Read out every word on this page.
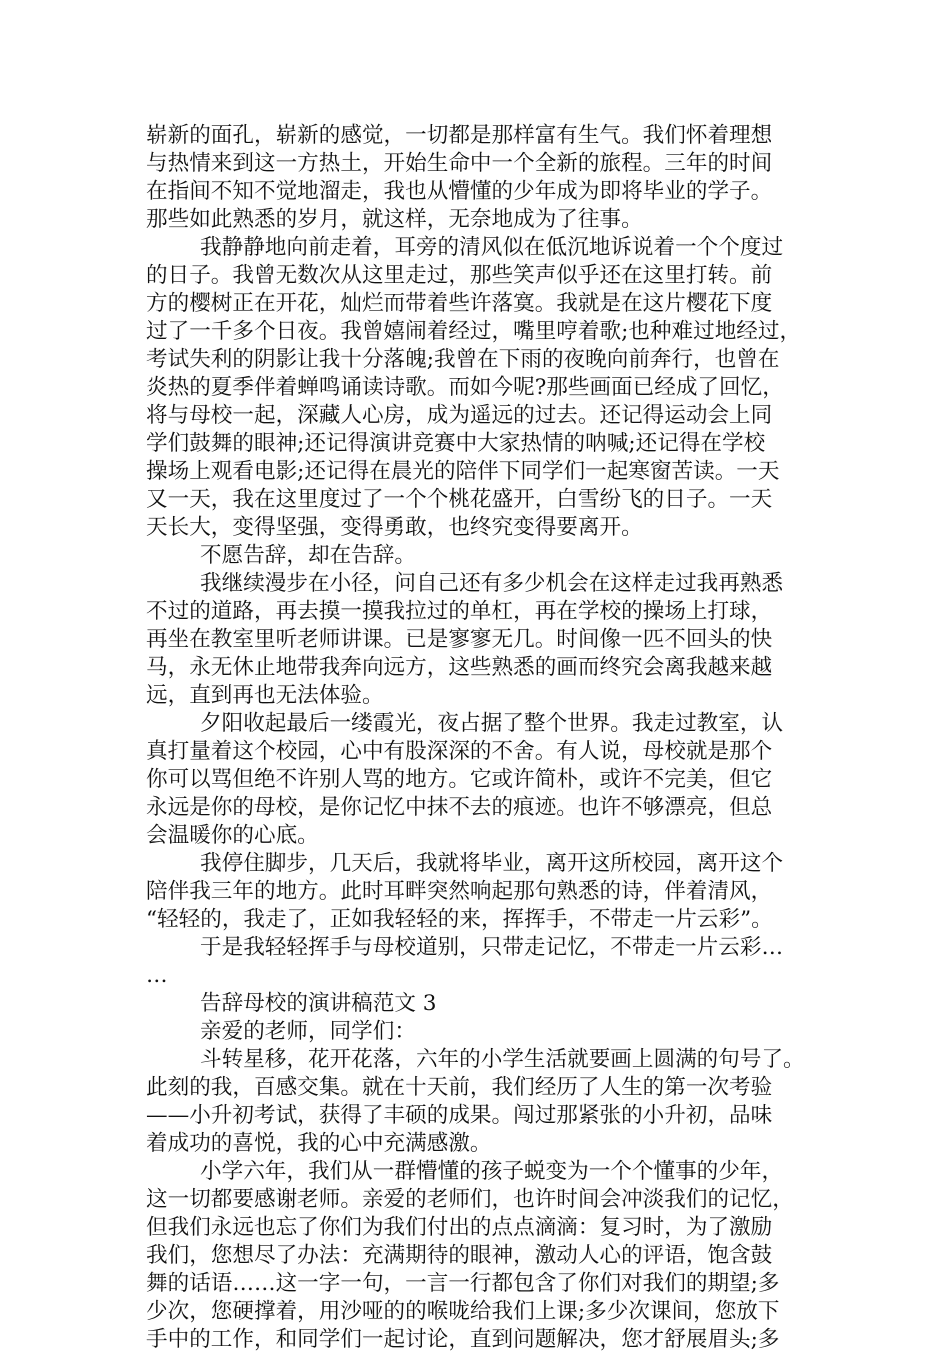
崭新的面孔，崭新的感觉，一切都是那样富有生气。我们怀着理想
与热情来到这一方热土，开始生命中一个全新的旅程。三年的时间
在指间不知不觉地溜走，我也从懵懂的少年成为即将毕业的学子。
那些如此熟悉的岁月，就这样，无奈地成为了往事。
我静静地向前走着，耳旁的清风似在低沉地诉说着一个个度过
的日子。我曾无数次从这里走过，那些笑声似乎还在这里打转。前
方的樱树正在开花，灿烂而带着些许落寞。我就是在这片樱花下度
过了一千多个日夜。我曾嬉闹着经过，嘴里哼着歌;也种难过地经过，
考试失利的阴影让我十分落魄;我曾在下雨的夜晚向前奔行，也曾在
炎热的夏季伴着蝉鸣诵读诗歌。而如今呢?那些画面已经成了回忆，
将与母校一起，深藏人心房，成为遥远的过去。还记得运动会上同
学们鼓舞的眼神;还记得演讲竞赛中大家热情的呐喊;还记得在学校
操场上观看电影;还记得在晨光的陪伴下同学们一起寒窗苦读。一天
又一天，我在这里度过了一个个桃花盛开，白雪纷飞的日子。一天
天长大，变得坚强，变得勇敢，也终究变得要离开。
不愿告辞，却在告辞。
我继续漫步在小径，问自己还有多少机会在这样走过我再熟悉
不过的道路，再去摸一摸我拉过的单杠，再在学校的操场上打球，
再坐在教室里听老师讲课。已是寥寥无几。时间像一匹不回头的快
马，永无休止地带我奔向远方，这些熟悉的画而终究会离我越来越
远，直到再也无法体验。
夕阳收起最后一缕霞光，夜占据了整个世界。我走过教室，认
真打量着这个校园，心中有股深深的不舍。有人说，母校就是那个
你可以骂但绝不许别人骂的地方。它或许简朴，或许不完美，但它
永远是你的母校，是你记忆中抹不去的痕迹。也许不够漂亮，但总
会温暖你的心底。
我停住脚步，几天后，我就将毕业，离开这所校园，离开这个
陪伴我三年的地方。此时耳畔突然响起那句熟悉的诗，伴着清风，
“轻轻的，我走了，正如我轻轻的来，挥挥手，不带走一片云彩”。
于是我轻轻挥手与母校道别，只带走记忆，不带走一片云彩…
…
告辞母校的演讲稿范文 3
亲爱的老师，同学们：
斗转星移，花开花落，六年的小学生活就要画上圆满的句号了。
此刻的我，百感交集。就在十天前，我们经历了人生的第一次考验
——小升初考试，获得了丰硕的成果。闯过那紧张的小升初，品味
着成功的喜悦，我的心中充满感激。
小学六年，我们从一群懵懂的孩子蜕变为一个个懂事的少年，
这一切都要感谢老师。亲爱的老师们，也许时间会冲淡我们的记忆，
但我们永远也忘了你们为我们付出的点点滴滴：复习时，为了激励
我们，您想尽了办法：充满期待的眼神，激动人心的评语，饱含鼓
舞的话语……这一字一句，一言一行都包含了你们对我们的期望;多
少次，您硬撑着，用沙哑的的喉咙给我们上课;多少次课间，您放下
手中的工作，和同学们一起讨论，直到问题解决，您才舒展眉头;多
